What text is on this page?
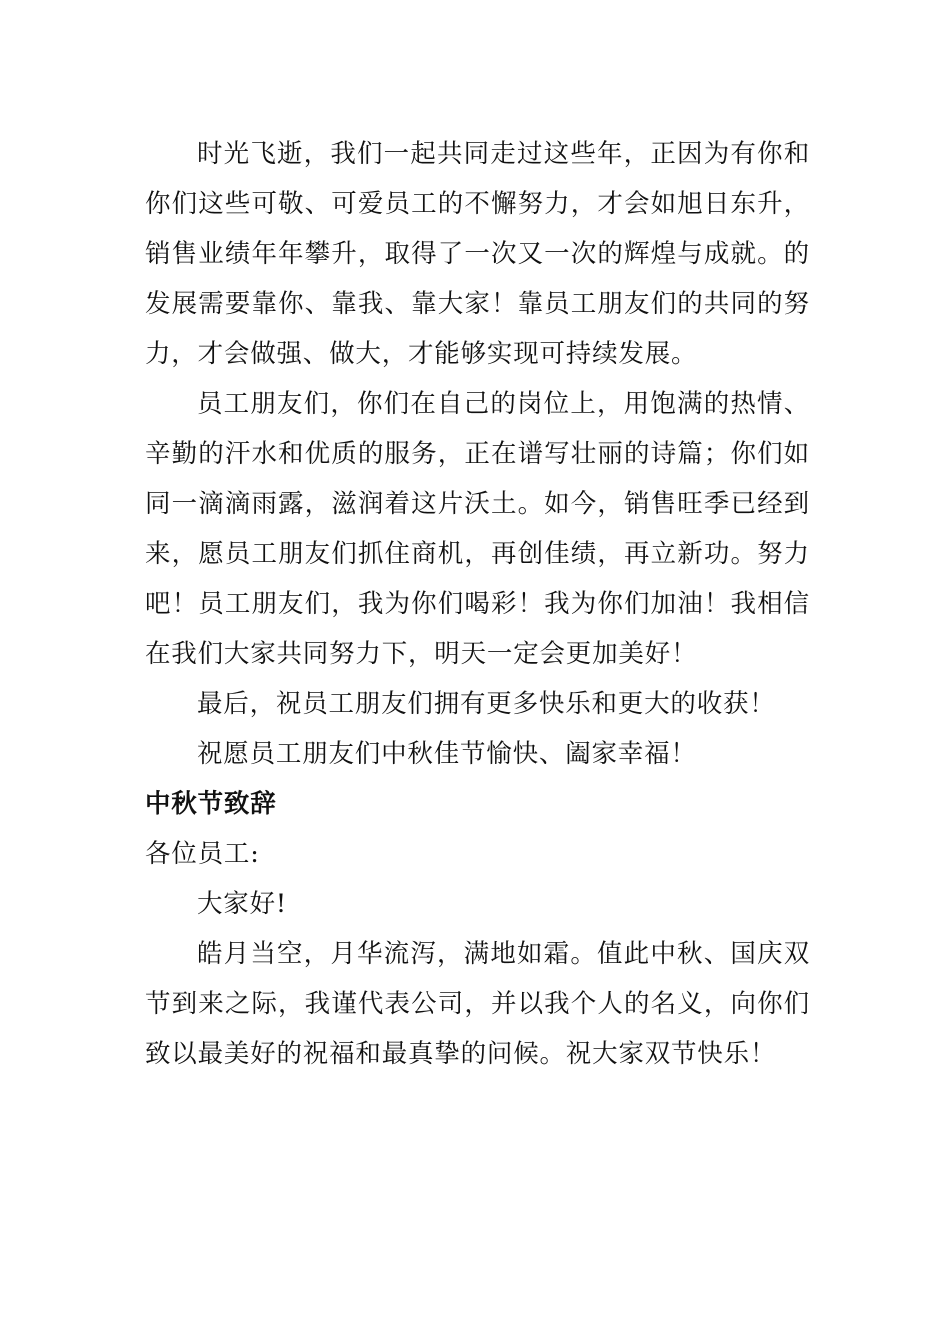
时光飞逝，我们一起共同走过这些年，正因为有你和你们这些可敬、可爱员工的不懈努力，才会如旭日东升，销售业绩年年攀升，取得了一次又一次的辉煌与成就。的发展需要靠你、靠我、靠大家！靠员工朋友们的共同的努力，才会做强、做大，才能够实现可持续发展。

员工朋友们，你们在自己的岗位上，用饱满的热情、辛勤的汗水和优质的服务，正在谱写壮丽的诗篇；你们如同一滴滴雨露，滋润着这片沃土。如今，销售旺季已经到来，愿员工朋友们抓住商机，再创佳绩，再立新功。努力吧！员工朋友们，我为你们喝彩！我为你们加油！我相信在我们大家共同努力下，明天一定会更加美好！

最后，祝员工朋友们拥有更多快乐和更大的收获！

祝愿员工朋友们中秋佳节愉快、阖家幸福！

中秋节致辞

各位员工:

大家好!

皓月当空，月华流泻，满地如霜。值此中秋、国庆双节到来之际，我谨代表公司，并以我个人的名义，向你们致以最美好的祝福和最真挚的问候。祝大家双节快乐！
